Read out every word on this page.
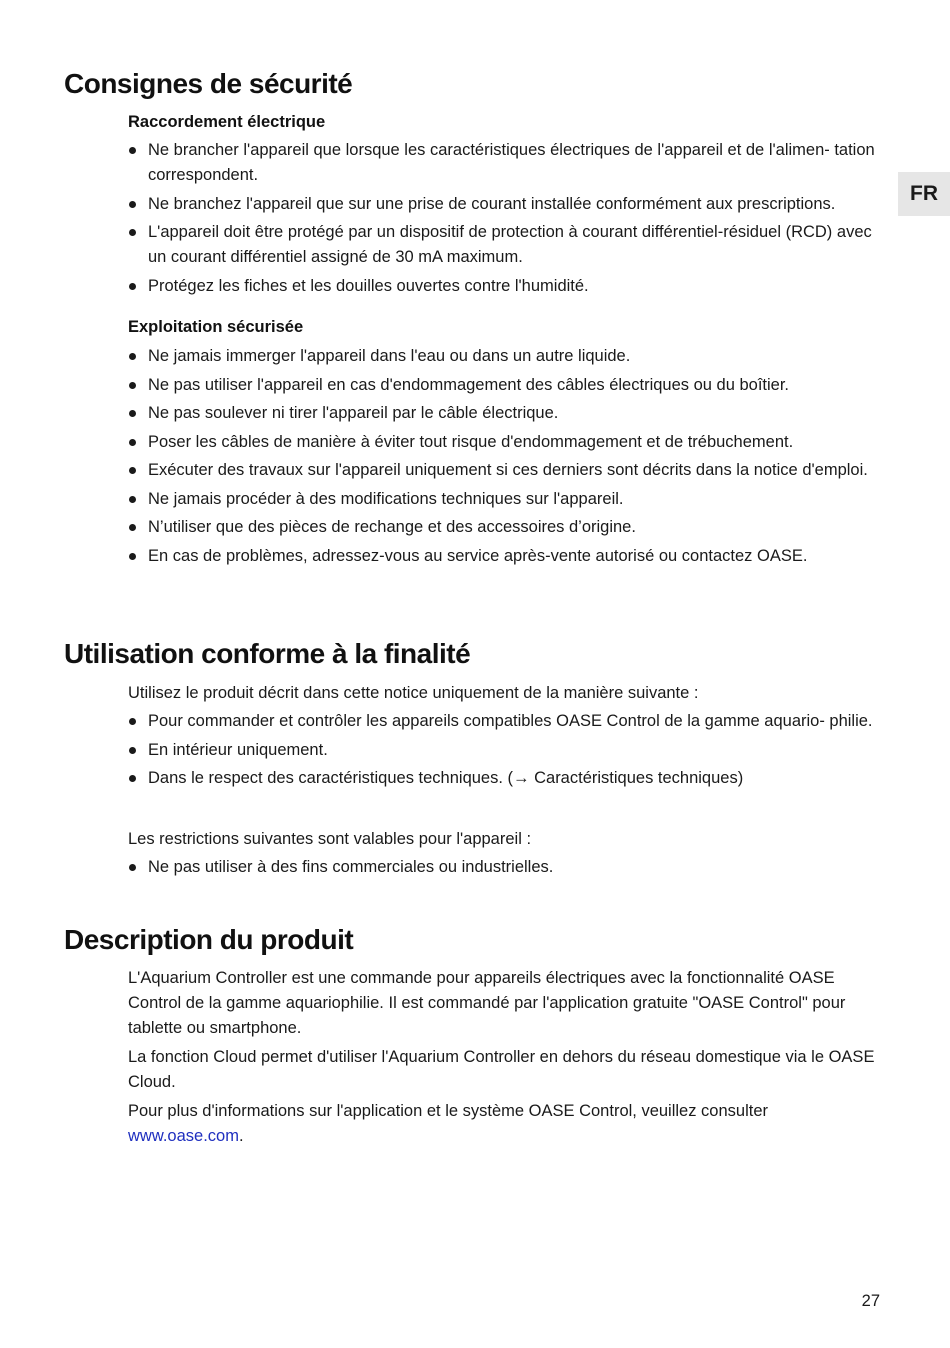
FR
Consignes de sécurité
Raccordement électrique
Ne brancher l'appareil que lorsque les caractéristiques électriques de l'appareil et de l'alimen- tation correspondent.
Ne branchez l'appareil que sur une prise de courant installée conformément aux prescriptions.
L'appareil doit être protégé par un dispositif de protection à courant différentiel-résiduel (RCD) avec un courant différentiel assigné de 30 mA maximum.
Protégez les fiches et les douilles ouvertes contre l'humidité.
Exploitation sécurisée
Ne jamais immerger l'appareil dans l'eau ou dans un autre liquide.
Ne pas utiliser l'appareil en cas d'endommagement des câbles électriques ou du boîtier.
Ne pas soulever ni tirer l'appareil par le câble électrique.
Poser les câbles de manière à éviter tout risque d'endommagement et de trébuchement.
Exécuter des travaux sur l'appareil uniquement si ces derniers sont décrits dans la notice d'emploi.
Ne jamais procéder à des modifications techniques sur l'appareil.
N’utiliser que des pièces de rechange et des accessoires d’origine.
En cas de problèmes, adressez-vous au service après-vente autorisé ou contactez OASE.
Utilisation conforme à la finalité
Utilisez le produit décrit dans cette notice uniquement de la manière suivante :
Pour commander et contrôler les appareils compatibles OASE Control de la gamme aquario- philie.
En intérieur uniquement.
Dans le respect des caractéristiques techniques. (→ Caractéristiques techniques)
Les restrictions suivantes sont valables pour l'appareil :
Ne pas utiliser à des fins commerciales ou industrielles.
Description du produit

L'Aquarium Controller est une commande pour appareils électriques avec la fonctionnalité OASE Control de la gamme aquariophilie. Il est commandé par l'application gratuite "OASE Control" pour tablette ou smartphone.

La fonction Cloud permet d'utiliser l'Aquarium Controller en dehors du réseau domestique via le OASE Cloud.

Pour plus d'informations sur l'application et le système OASE Control, veuillez consulter
www.oase.com.

27
